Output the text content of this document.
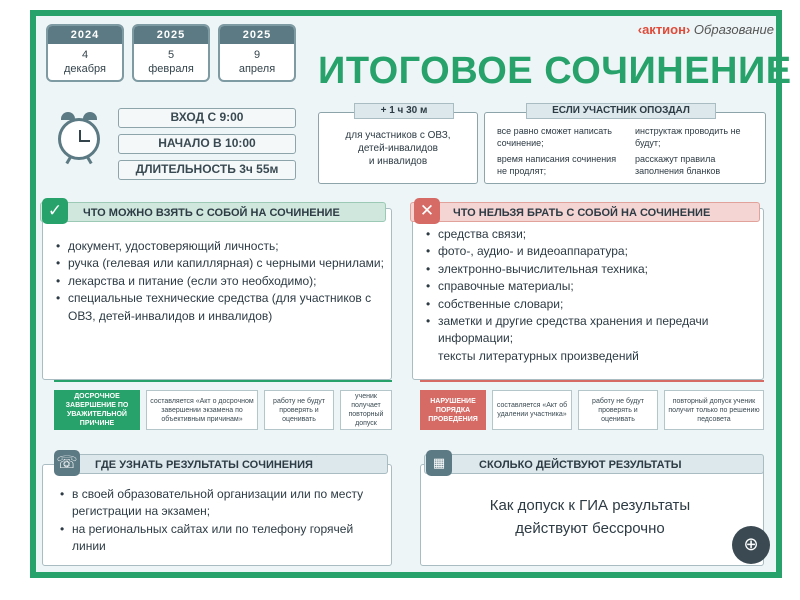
2024
4
декабря
2025
5
февраля
2025
9
апреля
‹актион› Образование
ИТОГОВОЕ СОЧИНЕНИЕ
ВХОД С 9:00
НАЧАЛО В 10:00
ДЛИТЕЛЬНОСТЬ 3ч 55м
для участников с ОВЗ,
детей-инвалидов
и инвалидов
+ 1 ч 30 м
все равно сможет написать сочинение;
время написания сочинения не продлят;
инструктаж проводить не будут;
расскажут правила заполнения бланков
ЕСЛИ УЧАСТНИК ОПОЗДАЛ
ЧТО МОЖНО ВЗЯТЬ С СОБОЙ НА СОЧИНЕНИЕ
✓
• документ, удостоверяющий личность;
• ручка (гелевая или капиллярная) с черными чернилами;
• лекарства и питание (если это необходимо);
• специальные технические средства (для участников с ОВЗ, детей-инвалидов и инвалидов)
ЧТО НЕЛЬЗЯ БРАТЬ С СОБОЙ НА СОЧИНЕНИЕ
✕
• средства связи;
• фото-, аудио- и видеоаппаратура;
• электронно-вычислительная техника;
• справочные материалы;
• собственные словари;
• заметки и другие средства хранения и передачи информации;
тексты литературных произведений
ДОСРОЧНОЕ ЗАВЕРШЕНИЕ ПО УВАЖИТЕЛЬНОЙ ПРИЧИНЕ
составляется «Акт о досрочном завершении экзамена по объективным причинам»
работу не будут проверять и оценивать
ученик получает повторный допуск
НАРУШЕНИЕ ПОРЯДКА ПРОВЕДЕНИЯ
составляется «Акт об удалении участника»
работу не будут проверять и оценивать
повторный допуск ученик получит только по решению педсовета
ГДЕ УЗНАТЬ РЕЗУЛЬТАТЫ СОЧИНЕНИЯ
☏
• в своей образовательной организации или по месту регистрации на экзамен;
• на региональных сайтах или по телефону горячей линии
СКОЛЬКО ДЕЙСТВУЮТ РЕЗУЛЬТАТЫ
▦
Как допуск к ГИА результаты
действуют бессрочно
⊕
